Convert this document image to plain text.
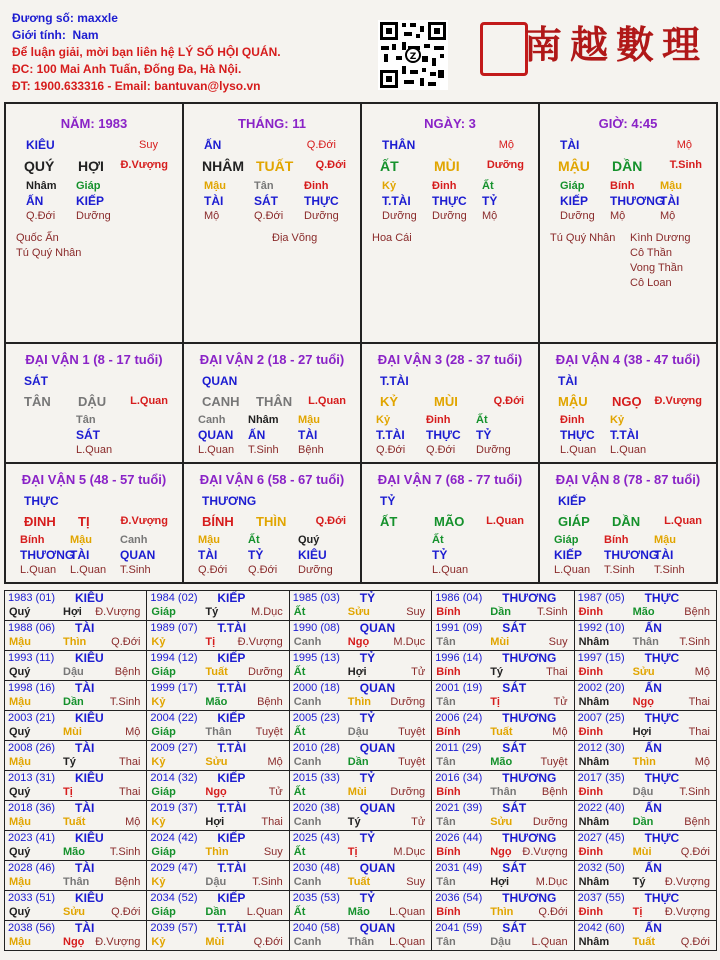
Đương số: maxxle
Giới tính: Nam
Để luận giải, mời bạn liên hệ LÝ SỐ HỘI QUÁN.
ĐC: 100 Mai Anh Tuấn, Đống Đa, Hà Nội.
ĐT: 1900.633316 - Email: bantuvan@lyso.vn
Z	南越數理
NĂM: 1983
KIÊU	Suy
QUÝ HỢI Đ.Vượng
Nhâm
ẤN
Q.Đới
Giáp
KIẾP
Dưỡng
Quốc Ấn
Tú Quý Nhân
THÁNG: 11
ẤN	Q.Đới
NHÂM TUẤT Q.Đới
Mậu
TÀI
Mộ
Tân
SÁT
Q.Đới
Đinh
THỰC
Dưỡng
Địa Võng
NGÀY: 3
THÂN	Mộ
ẤT	MÙI Dưỡng
Kỷ
T.TÀI
Dưỡng
Đinh
THỰC
Dưỡng
Ất
TỶ
Mộ
Hoa Cái
GIỜ: 4:45
TÀI	Mộ
MẬU DẦN T.Sinh
Giáp
KIẾP
Dưỡng
Bính
THƯƠNG
Mộ
Mậu
TÀI
Mộ
Tú Quý Nhân Kình Dương
Cô Thần
Vong Thần
Cô Loan
ĐẠI VẬN 1 (8 - 17 tuổi)
SÁT
TÂN DẬU L.Quan
Tân
SÁT
L.Quan
ĐẠI VẬN 2 (18 - 27 tuổi)
QUAN
CANH THÂN L.Quan
Canh
QUAN
L.Quan
Nhâm
ẤN
T.Sinh
Mậu
TÀI
Bệnh
ĐẠI VẬN 3 (28 - 37 tuổi)
T.TÀI
KỶ	MÙI	Q.Đới
Kỷ
T.TÀI
Q.Đới
Đinh
THỰC
Q.Đới
Ất
TỶ
Dưỡng
ĐẠI VẬN 4 (38 - 47 tuổi)
TÀI
MẬU NGỌ Đ.Vượng
Đinh
THỰC
L.Quan
Kỷ
T.TÀI
L.Quan
ĐẠI VẬN 5 (48 - 57 tuổi)
THỰC
ĐINH TỊ	Đ.Vượng
Bính
THƯƠNG
L.Quan
Mậu
TÀI
L.Quan
Canh
QUAN
T.Sinh
ĐẠI VẬN 6 (58 - 67 tuổi)
THƯƠNG
BÍNH THÌN	Q.Đới
Mậu
TÀI
Q.Đới
Ất
TỶ
Q.Đới
Quý
KIÊU
Dưỡng
ĐẠI VẬN 7 (68 - 77 tuổi)
TỶ
ẤT	MÃO L.Quan
Ất
TỶ
L.Quan
ĐẠI VẬN 8 (78 - 87 tuổi)
KIẾP
GIÁP DẦN L.Quan
Giáp
KIẾP
L.Quan
Bính
THƯƠNG
T.Sinh
Mậu
TÀI
T.Sinh
1983 (01) KIÊU
Quý	Hợi Đ.Vượng
1984 (02) KIẾP
Giáp	Tý	M.Dục
1985 (03) TỶ
Ất	Sửu	Suy
1986 (04) THƯƠNG
Bính	Dần T.Sinh
1987 (05) THỰC
Đinh	Mão	Bệnh
1988 (06) TÀI
Mậu	Thìn Q.Đới
1989 (07) T.TÀI
Kỷ	Tị Đ.Vượng
1990 (08) QUAN
Canh Ngọ M.Dục
1991 (09) SÁT
Tân	Mùi	Suy
1992 (10) ẤN
Nhâm Thân T.Sinh
1993 (11) KIÊU
Quý	Dậu	Bệnh
1994 (12) KIẾP
Giáp	Tuất Dưỡng
1995 (13) TỶ
Ất	Hợi	Tử
1996 (14) THƯƠNG
Bính	Tý	Thai
1997 (15) THỰC
Đinh	Sửu	Mộ
1998 (16) TÀI
Mậu	Dần T.Sinh
1999 (17) T.TÀI
Kỷ	Mão	Bệnh
2000 (18) QUAN
Canh Thìn Dưỡng
2001 (19) SÁT
Tân	Tị	Tử
2002 (20) ẤN
Nhâm Ngọ	Thai
2003 (21) KIÊU
Quý	Mùi	Mộ
2004 (22) KIẾP
Giáp	Thân Tuyệt
2005 (23) TỶ
Ất	Dậu	Tuyệt
2006 (24) THƯƠNG
Bính	Tuất	Mộ
2007 (25) THỰC
Đinh	Hợi	Thai
2008 (26) TÀI
Mậu	Tý	Thai
2009 (27) T.TÀI
Kỷ	Sửu	Mộ
2010 (28) QUAN
Canh Dần	Tuyệt
2011 (29) SÁT
Tân	Mão	Tuyệt
2012 (30) ẤN
Nhâm Thìn	Mộ
2013 (31) KIÊU
Quý	Tị	Thai
2014 (32) KIẾP
Giáp	Ngọ	Tử
2015 (33) TỶ
Ất	Mùi Dưỡng
2016 (34) THƯƠNG
Bính	Thân Bệnh
2017 (35) THỰC
Đinh	Dậu T.Sinh
2018 (36) TÀI
Mậu	Tuất	Mộ
2019 (37) T.TÀI
Kỷ	Hợi	Thai
2020 (38) QUAN
Canh Tý	Tử
2021 (39) SÁT
Tân	Sửu Dưỡng
2022 (40) ẤN
Nhâm Dần	Bệnh
2023 (41) KIÊU
Quý	Mão T.Sinh
2024 (42) KIẾP
Giáp	Thìn	Suy
2025 (43) TỶ
Ất	Tị	M.Dục
2026 (44) THƯƠNG
Bính	Ngọ Đ.Vượng
2027 (45) THỰC
Đinh	Mùi	Q.Đới
2028 (46) TÀI
Mậu	Thân Bệnh
2029 (47) T.TÀI
Kỷ	Dậu T.Sinh
2030 (48) QUAN
Canh Tuất	Suy
2031 (49) SÁT
Tân	Hợi M.Dục
2032 (50) ẤN
Nhâm Tý Đ.Vượng
2033 (51) KIÊU
Quý	Sửu Q.Đới
2034 (52) KIẾP
Giáp	Dần L.Quan
2035 (53) TỶ
Ất	Mão L.Quan
2036 (54) THƯƠNG
Bính	Thìn Q.Đới
2037 (55) THỰC
Đinh	Tị Đ.Vượng
2038 (56) TÀI
Mậu	Ngọ Đ.Vượng
2039 (57) T.TÀI
Kỷ	Mùi	Q.Đới
2040 (58) QUAN
Canh Thân L.Quan
2041 (59) SÁT
Tân	Dậu L.Quan
2042 (60) ẤN
Nhâm Tuất Q.Đới
